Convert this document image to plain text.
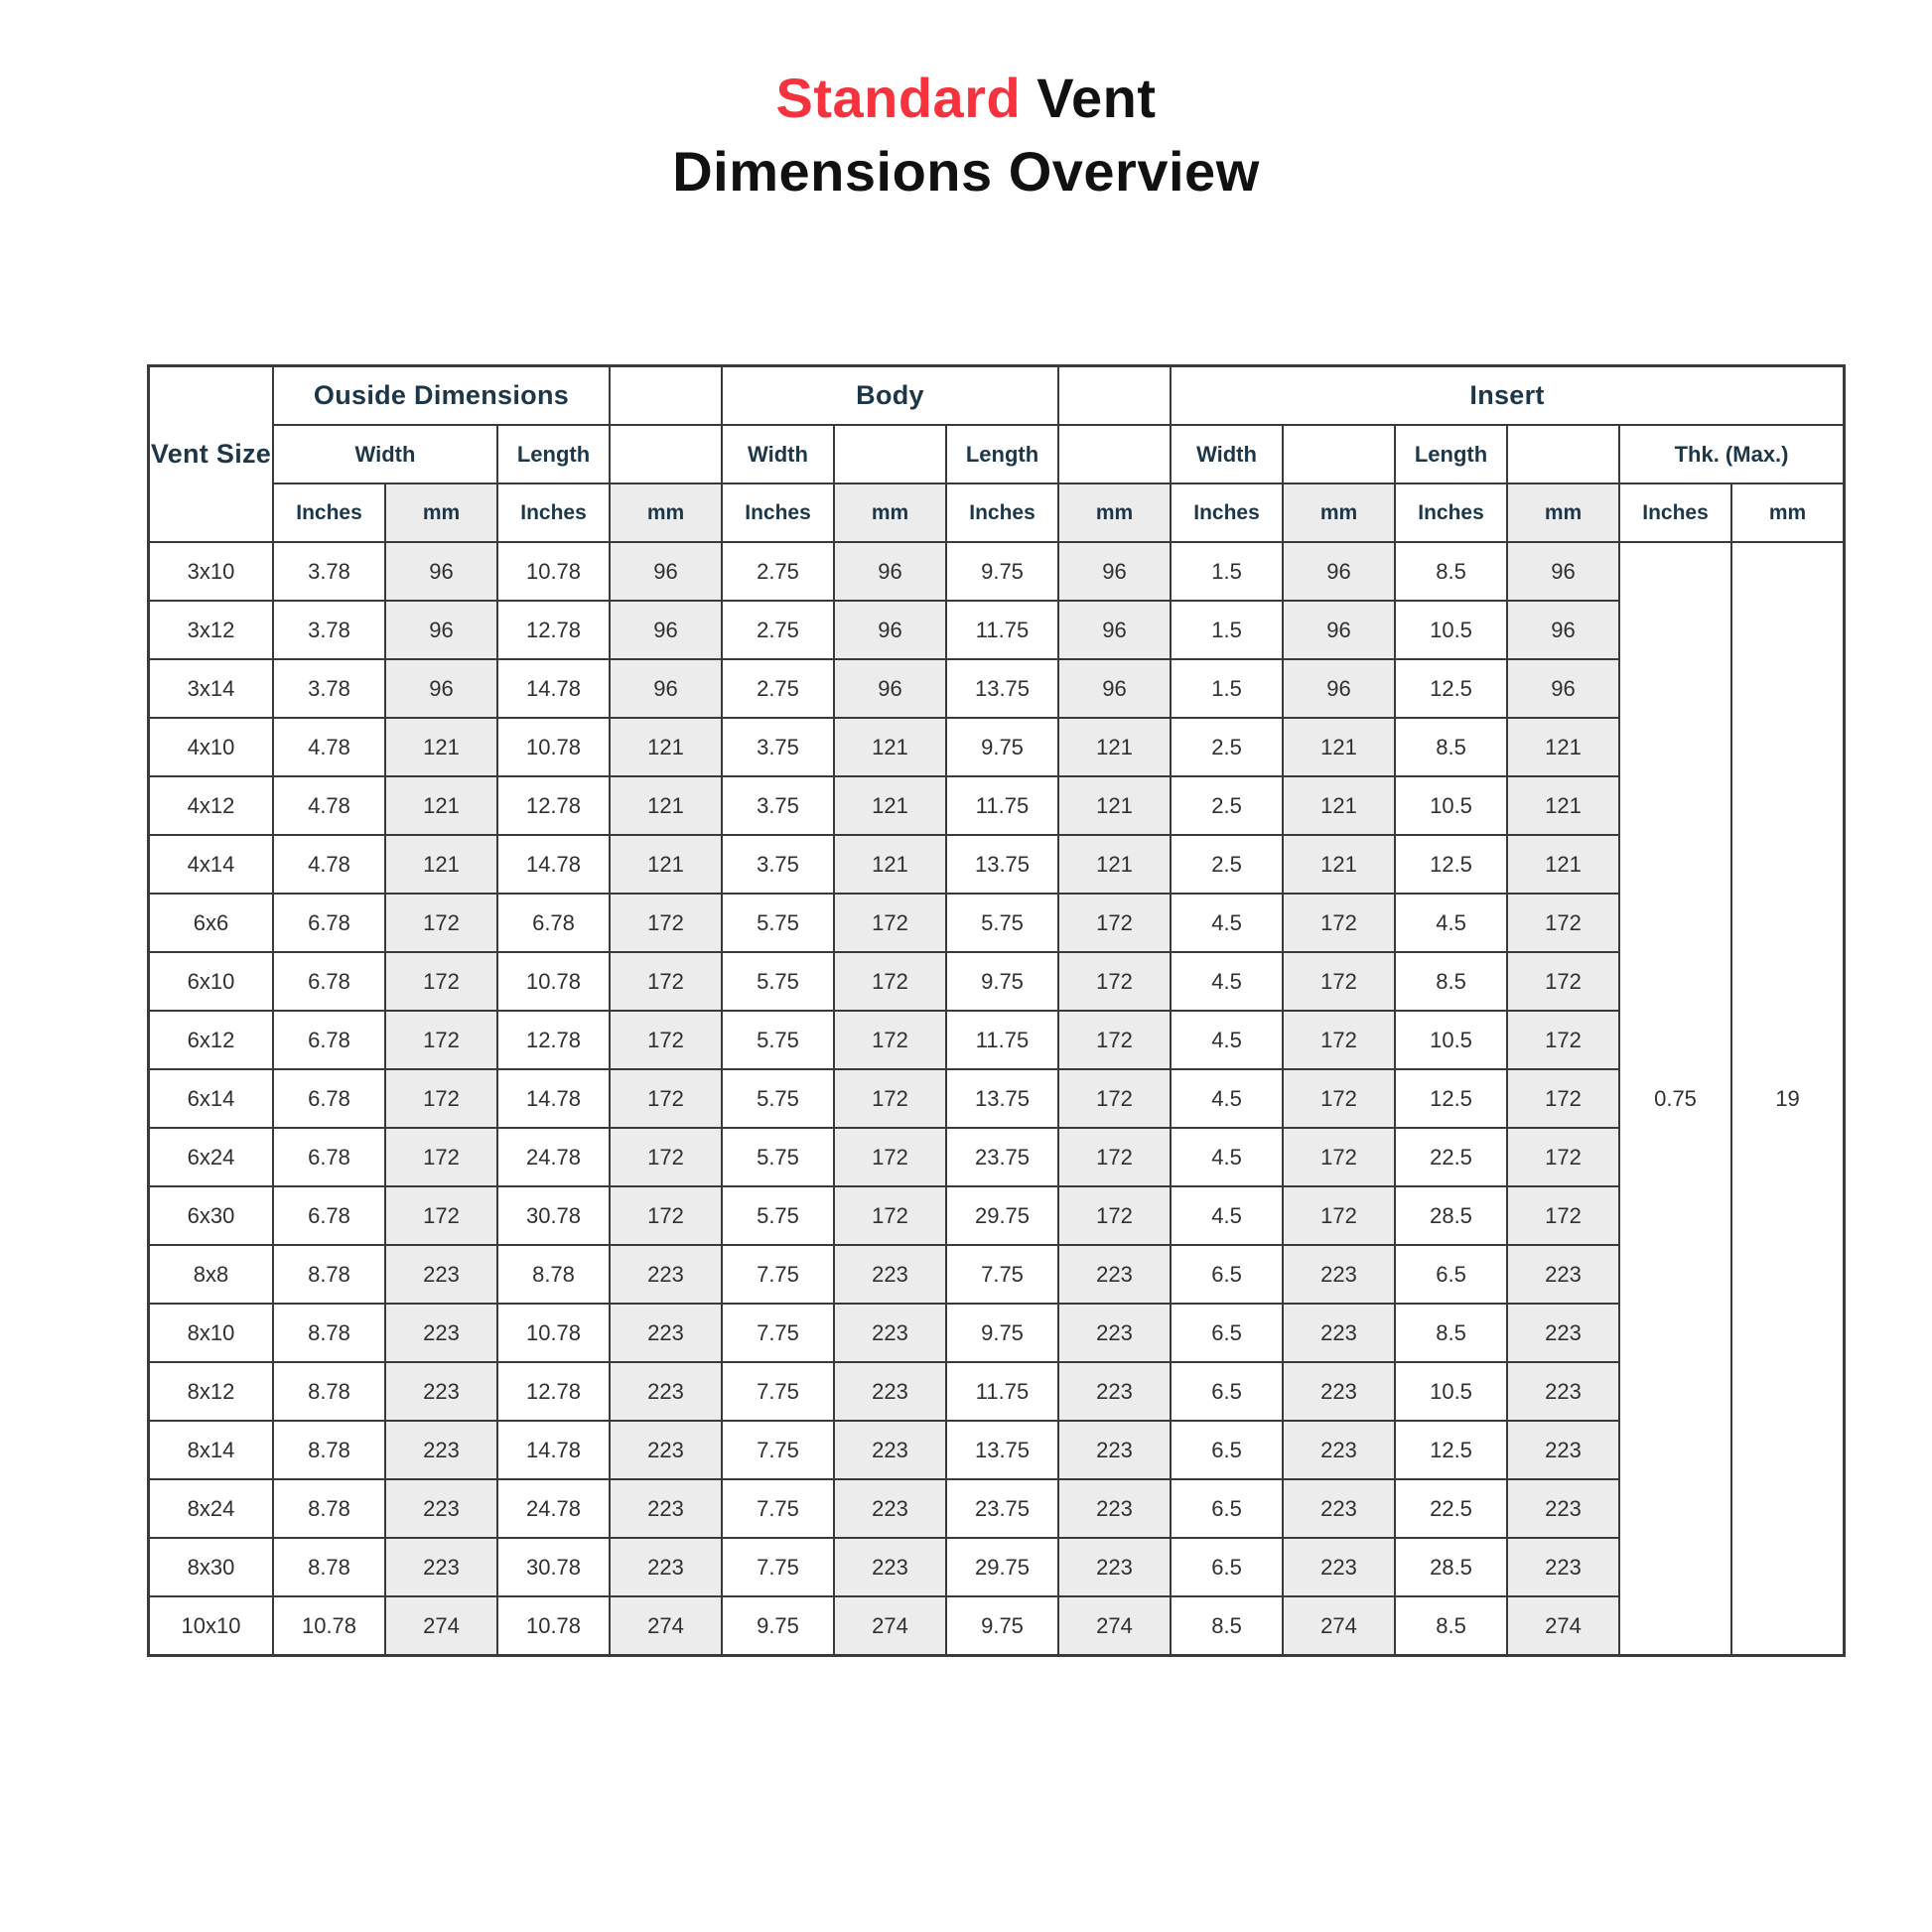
Standard Vent
Dimensions Overview
Vent Size	Ouside Dimensions				Body				Insert					
	Width		Length		Width		Length		Width		Length		Thk. (Max.)	
	Inches	mm	Inches	mm	Inches	mm	Inches	mm	Inches	mm	Inches	mm	Inches	mm
3x10	3.78	96	10.78	96	2.75	96	9.75	96	1.5	96	8.5	96	0.75	19
3x12	3.78	96	12.78	96	2.75	96	11.75	96	1.5	96	10.5	96		
3x14	3.78	96	14.78	96	2.75	96	13.75	96	1.5	96	12.5	96		
4x10	4.78	121	10.78	121	3.75	121	9.75	121	2.5	121	8.5	121		
4x12	4.78	121	12.78	121	3.75	121	11.75	121	2.5	121	10.5	121		
4x14	4.78	121	14.78	121	3.75	121	13.75	121	2.5	121	12.5	121		
6x6	6.78	172	6.78	172	5.75	172	5.75	172	4.5	172	4.5	172		
6x10	6.78	172	10.78	172	5.75	172	9.75	172	4.5	172	8.5	172		
6x12	6.78	172	12.78	172	5.75	172	11.75	172	4.5	172	10.5	172		
6x14	6.78	172	14.78	172	5.75	172	13.75	172	4.5	172	12.5	172		
6x24	6.78	172	24.78	172	5.75	172	23.75	172	4.5	172	22.5	172		
6x30	6.78	172	30.78	172	5.75	172	29.75	172	4.5	172	28.5	172		
8x8	8.78	223	8.78	223	7.75	223	7.75	223	6.5	223	6.5	223		
8x10	8.78	223	10.78	223	7.75	223	9.75	223	6.5	223	8.5	223		
8x12	8.78	223	12.78	223	7.75	223	11.75	223	6.5	223	10.5	223		
8x14	8.78	223	14.78	223	7.75	223	13.75	223	6.5	223	12.5	223		
8x24	8.78	223	24.78	223	7.75	223	23.75	223	6.5	223	22.5	223		
8x30	8.78	223	30.78	223	7.75	223	29.75	223	6.5	223	28.5	223		
10x10	10.78	274	10.78	274	9.75	274	9.75	274	8.5	274	8.5	274		
